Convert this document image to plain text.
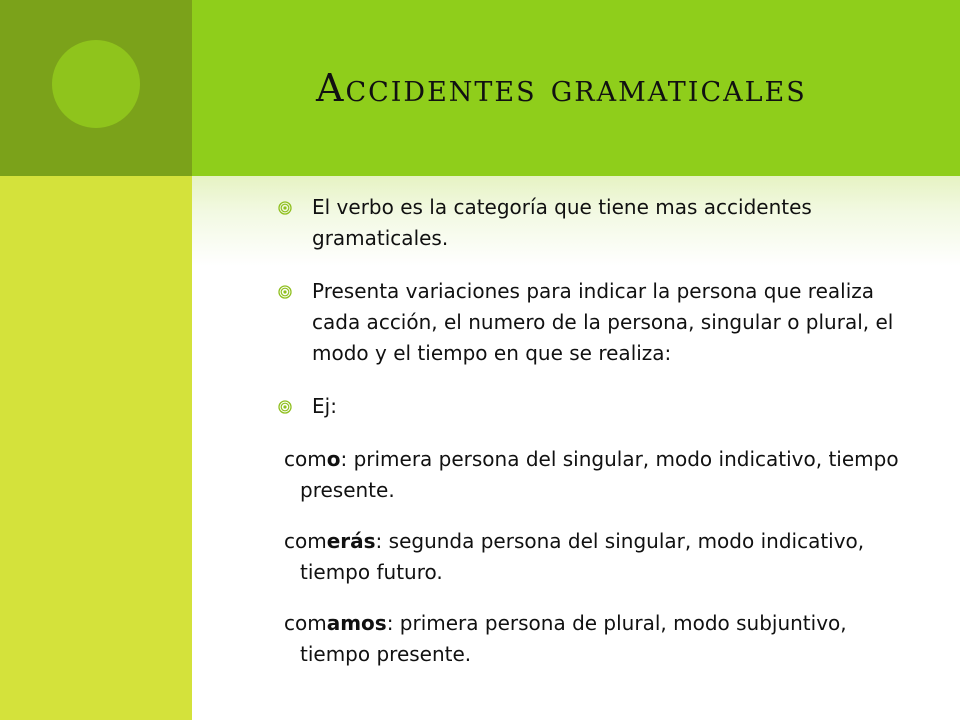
Accidentes gramaticales
El verbo es la categoría que tiene mas accidentes gramaticales.
Presenta variaciones para indicar la persona que realiza cada acción, el numero de la persona, singular o plural, el modo y el tiempo en que se realiza:
Ej:

como: primera persona del singular, modo indicativo, tiempo presente.

comerás: segunda persona del singular, modo indicativo, tiempo futuro.

comamos: primera persona de plural, modo subjuntivo, tiempo presente.
